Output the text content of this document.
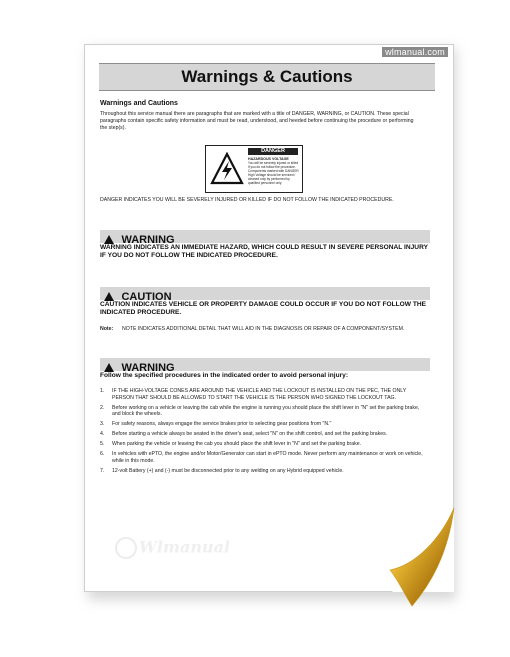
Warnings & Cautions
Warnings and Cautions
Throughout this service manual there are paragraphs that are marked with a title of DANGER, WARNING, or CAUTION. These special paragraphs contain specific safety information and must be read, understood, and heeded before continuing the procedure or performing the step(s).
DANGER
HAZARDOUS VOLTAGE
You will be severely injured or killed if you do not follow the procedure. Components marked with DANGER High Voltage should be serviced / cleaned only by performed by qualified personnel only.
DANGER INDICATES YOU WILL BE SEVERELY INJURED OR KILLED IF DO NOT FOLLOW THE INDICATED PROCEDURE.
WARNING
WARNING INDICATES AN IMMEDIATE HAZARD, WHICH COULD RESULT IN SEVERE PERSONAL INJURY IF YOU DO NOT FOLLOW THE INDICATED PROCEDURE.
CAUTION
CAUTION INDICATES VEHICLE OR PROPERTY DAMAGE COULD OCCUR IF YOU DO NOT FOLLOW THE INDICATED PROCEDURE.
Note: NOTE INDICATES ADDITIONAL DETAIL THAT WILL AID IN THE DIAGNOSIS OR REPAIR OF A COMPONENT/SYSTEM.
WARNING
Follow the specified procedures in the indicated order to avoid personal injury:
1.	IF THE HIGH-VOLTAGE CONES ARE AROUND THE VEHICLE AND THE LOCKOUT IS INSTALLED ON THE PEC, THE ONLY PERSON THAT SHOULD BE ALLOWED TO START THE VEHICLE IS THE PERSON WHO SIGNED THE LOCKOUT TAG.
2.	Before working on a vehicle or leaving the cab while the engine is running you should place the shift lever in "N" set the parking brake, and block the wheels.
3.	For safety reasons, always engage the service brakes prior to selecting gear positions from "N."
4.	Before starting a vehicle always be seated in the driver's seat, select "N" on the shift control, and set the parking brakes.
5.	When parking the vehicle or leaving the cab you should place the shift lever in "N" and set the parking brake.
6.	In vehicles with ePTO, the engine and/or Motor/Generator can start in ePTO mode. Never perform any maintenance or work on vehicle, while in this mode.
7.	12-volt Battery (+) and (-) must be disconnected prior to any welding on any Hybrid equipped vehicle.
Wlmanual
wlmanual.com
